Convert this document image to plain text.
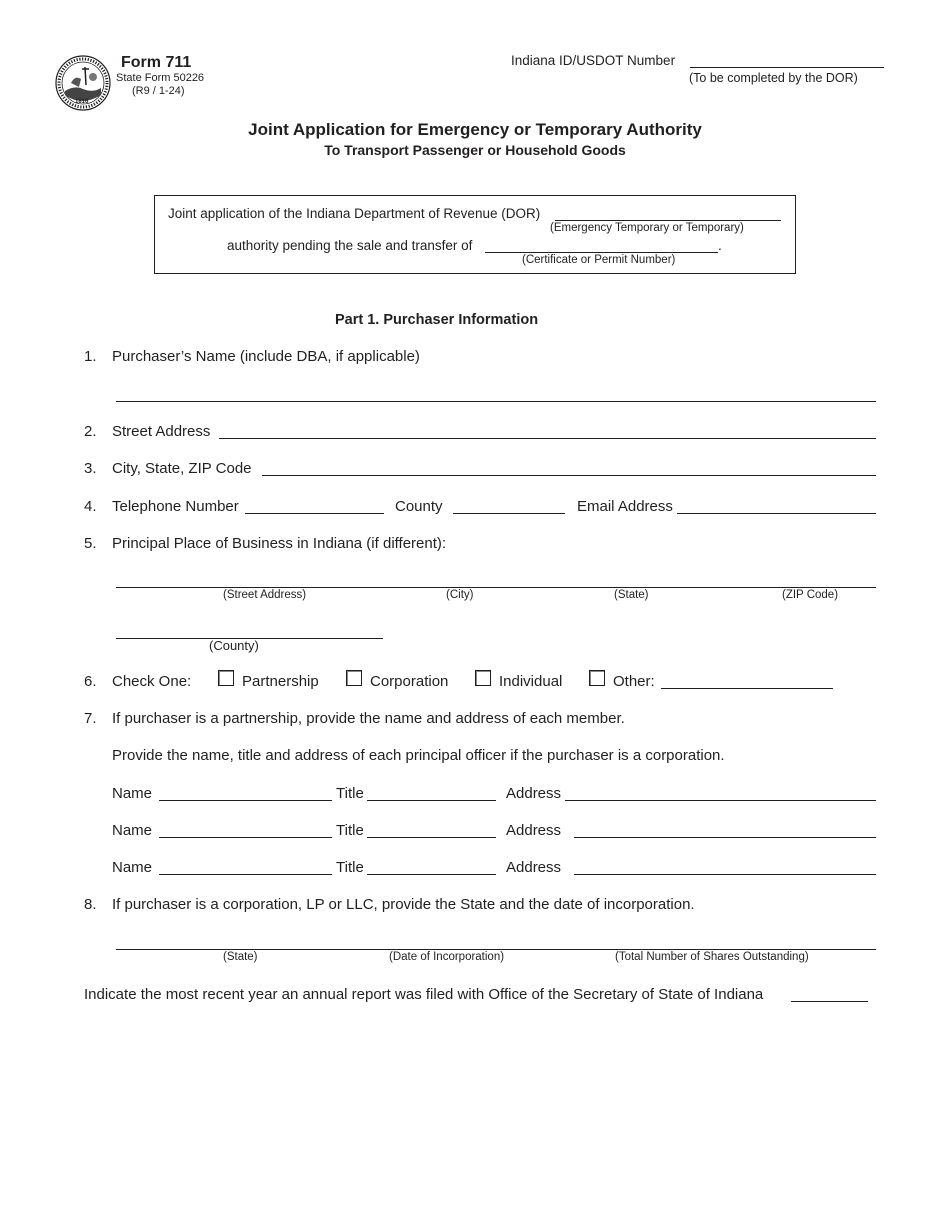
1816
Form 711
State Form 50226
(R9 / 1-24)
Indiana ID/USDOT Number
(To be completed by the DOR)
Joint Application for Emergency or Temporary Authority
To Transport Passenger or Household Goods
Joint application of the Indiana Department of Revenue (DOR)
(Emergency Temporary or Temporary)
authority pending the sale and transfer of	.
(Certificate or Permit Number)
Part 1. Purchaser Information
1. Purchaser’s Name (include DBA, if applicable)
2. Street Address
3. City, State, ZIP Code
4. Telephone Number	County	Email Address
5. Principal Place of Business in Indiana (if different):
(Street Address)	(City)	(State)	(ZIP Code)
(County)
6. Check One:	Partnership	Corporation	Individual	Other:
7. If purchaser is a partnership, provide the name and address of each member.
Provide the name, title and address of each principal officer if the purchaser is a corporation.
Name	Title	Address
Name	Title	Address
Name	Title	Address
8. If purchaser is a corporation, LP or LLC, provide the State and the date of incorporation.
(State)	(Date of Incorporation)	(Total Number of Shares Outstanding)
Indicate the most recent year an annual report was filed with Office of the Secretary of State of Indiana
